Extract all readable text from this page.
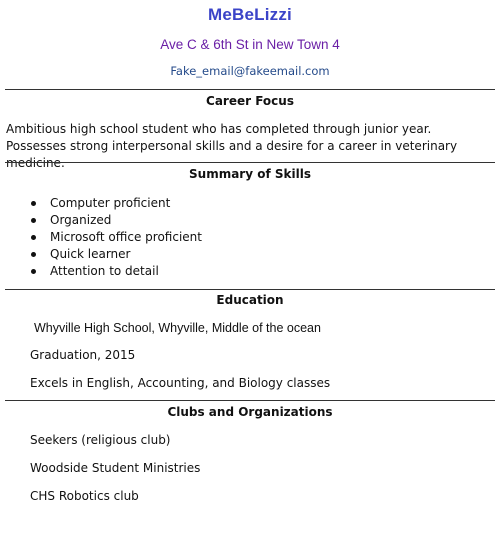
MeBeLizzi
Ave C & 6th St in New Town 4
Fake_email@fakeemail.com
Career Focus
Ambitious high school student who has completed through junior year. Possesses strong interpersonal skills and a desire for a career in veterinary medicine.
Summary of Skills
Computer proficient
Organized
Microsoft office proficient
Quick learner
Attention to detail
Education
Whyville High School, Whyville, Middle of the ocean
Graduation, 2015
Excels in English, Accounting, and Biology classes
Clubs and Organizations
Seekers (religious club)
Woodside Student Ministries
CHS Robotics club
